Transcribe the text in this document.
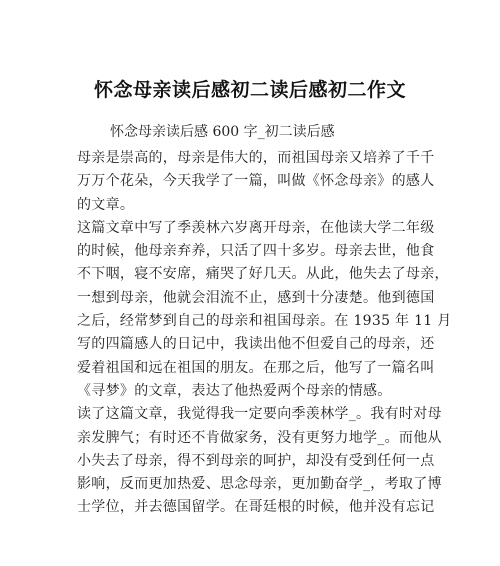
怀念母亲读后感初二读后感初二作文
怀念母亲读后感 600 字_初二读后感
母亲是崇高的，母亲是伟大的，而祖国母亲又培养了千千
万万个花朵，今天我学了一篇，叫做《怀念母亲》的感人
的文章。
这篇文章中写了季羡林六岁离开母亲，在他读大学二年级
的时候，他母亲弃养，只活了四十多岁。母亲去世，他食
不下咽，寝不安席，痛哭了好几天。从此，他失去了母亲，
一想到母亲，他就会泪流不止，感到十分凄楚。他到德国
之后，经常梦到自己的母亲和祖国母亲。在 1935 年 11 月
写的四篇感人的日记中，我读出他不但爱自己的母亲，还
爱着祖国和远在祖国的朋友。在那之后，他写了一篇名叫
《寻梦》的文章，表达了他热爱两个母亲的情感。
读了这篇文章，我觉得我一定要向季羡林学_。我有时对母
亲发脾气；有时还不肯做家务，没有更努力地学_。而他从
小失去了母亲，得不到母亲的呵护，却没有受到任何一点
影响，反而更加热爱、思念母亲，更加勤奋学_，考取了博
士学位，并去德国留学。在哥廷根的时候，他并没有忘记
